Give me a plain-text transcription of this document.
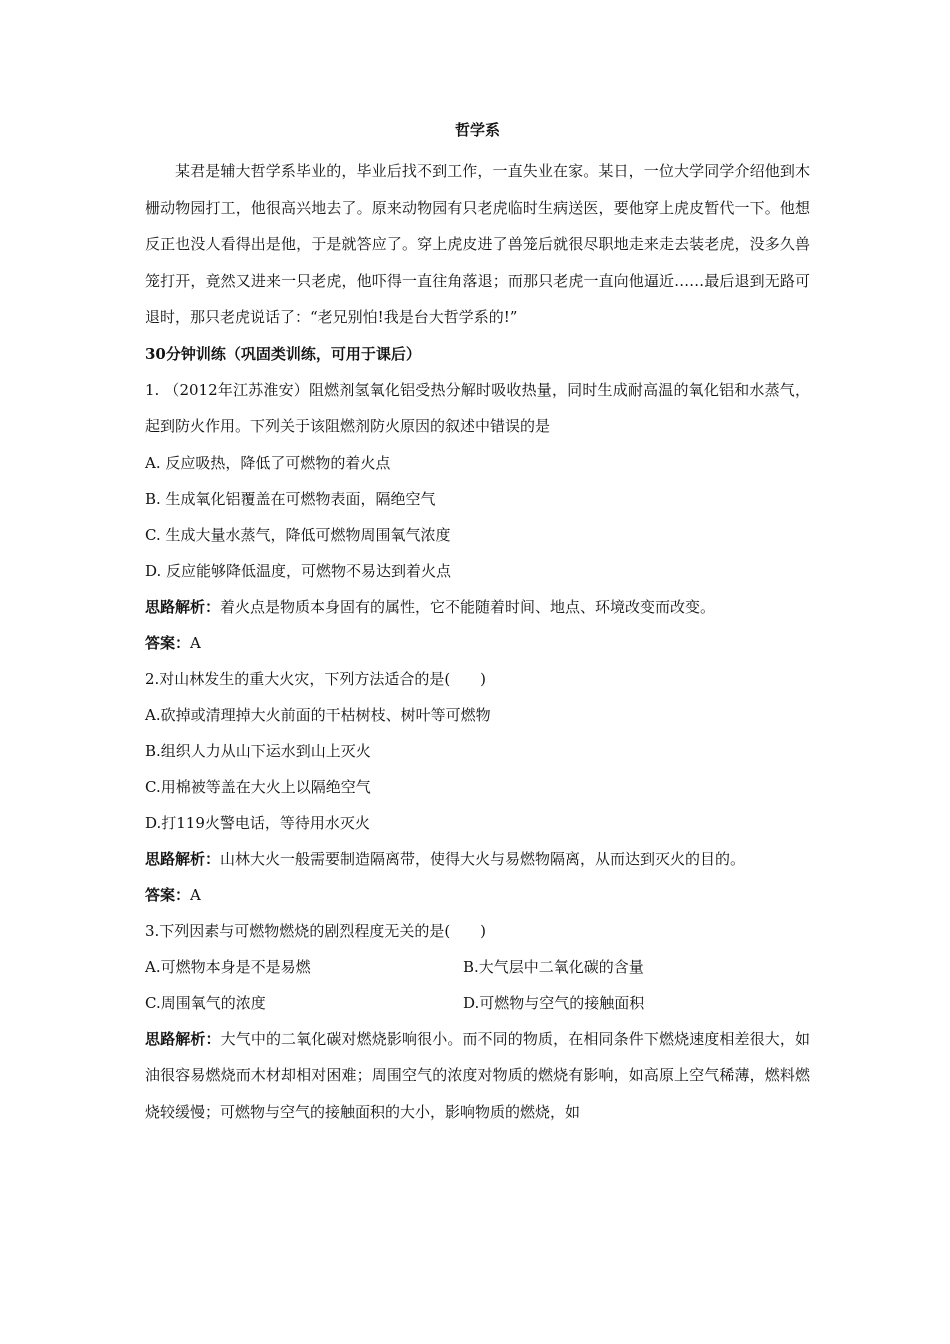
哲学系
某君是辅大哲学系毕业的，毕业后找不到工作，一直失业在家。某日，一位大学同学介绍他到木栅动物园打工，他很高兴地去了。原来动物园有只老虎临时生病送医，要他穿上虎皮暂代一下。他想反正也没人看得出是他，于是就答应了。穿上虎皮进了兽笼后就很尽职地走来走去装老虎，没多久兽笼打开，竟然又进来一只老虎，他吓得一直往角落退；而那只老虎一直向他逼近……最后退到无路可退时，那只老虎说话了：“老兄别怕!我是台大哲学系的!”
30分钟训练（巩固类训练，可用于课后）
1. （2012年江苏淮安）阻燃剂氢氧化铝受热分解时吸收热量，同时生成耐高温的氧化铝和水蒸气，起到防火作用。下列关于该阻燃剂防火原因的叙述中错误的是
A. 反应吸热，降低了可燃物的着火点
B. 生成氧化铝覆盖在可燃物表面，隔绝空气
C. 生成大量水蒸气，降低可燃物周围氧气浓度
D. 反应能够降低温度，可燃物不易达到着火点
思路解析：着火点是物质本身固有的属性，它不能随着时间、地点、环境改变而改变。
答案：A
2.对山林发生的重大火灾，下列方法适合的是(　　)
A.砍掉或清理掉大火前面的干枯树枝、树叶等可燃物
B.组织人力从山下运水到山上灭火
C.用棉被等盖在大火上以隔绝空气
D.打119火警电话，等待用水灭火
思路解析：山林大火一般需要制造隔离带，使得大火与易燃物隔离，从而达到灭火的目的。
答案：A
3.下列因素与可燃物燃烧的剧烈程度无关的是(　　)
A.可燃物本身是不是易燃	B.大气层中二氧化碳的含量
C.周围氧气的浓度	D.可燃物与空气的接触面积
思路解析：大气中的二氧化碳对燃烧影响很小。而不同的物质，在相同条件下燃烧速度相差很大，如油很容易燃烧而木材却相对困难；周围空气的浓度对物质的燃烧有影响，如高原上空气稀薄，燃料燃烧较缓慢；可燃物与空气的接触面积的大小，影响物质的燃烧，如
